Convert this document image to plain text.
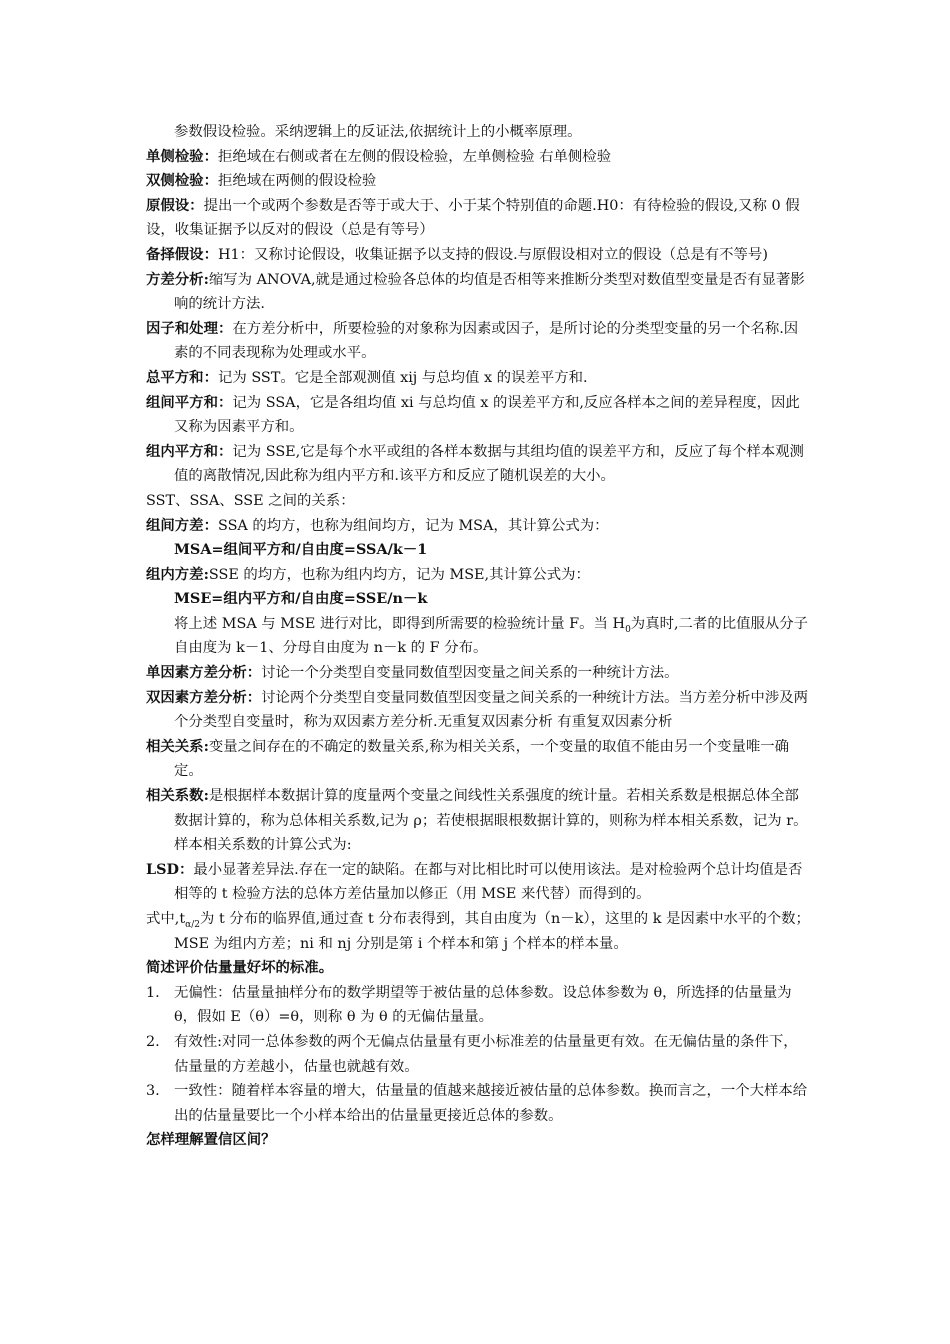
参数假设检验。采纳逻辑上的反证法,依据统计上的小概率原理。

单侧检验：拒绝域在右侧或者在左侧的假设检验，左单侧检验 右单侧检验

双侧检验：拒绝域在两侧的假设检验

原假设：提出一个或两个参数是否等于或大于、小于某个特别值的命题.H0：有待检验的假设,又称 0 假设，收集证据予以反对的假设（总是有等号）

备择假设：H1：又称讨论假设，收集证据予以支持的假设.与原假设相对立的假设（总是有不等号)

方差分析:缩写为 ANOVA,就是通过检验各总体的均值是否相等来推断分类型对数值型变量是否有显著影响的统计方法.

因子和处理：在方差分析中，所要检验的对象称为因素或因子，是所讨论的分类型变量的另一个名称.因素的不同表现称为处理或水平。

总平方和：记为 SST。它是全部观测值 xij 与总均值 x 的误差平方和.

组间平方和：记为 SSA，它是各组均值 xi 与总均值 x 的误差平方和,反应各样本之间的差异程度，因此又称为因素平方和。

组内平方和：记为 SSE,它是每个水平或组的各样本数据与其组均值的误差平方和，反应了每个样本观测值的离散情况,因此称为组内平方和.该平方和反应了随机误差的大小。

SST、SSA、SSE 之间的关系：

组间方差：SSA 的均方，也称为组间均方，记为 MSA，其计算公式为：

MSA=组间平方和/自由度=SSA/k－1

组内方差:SSE 的均方，也称为组内均方，记为 MSE,其计算公式为：

MSE=组内平方和/自由度=SSE/n－k

将上述 MSA 与 MSE 进行对比，即得到所需要的检验统计量 F。当 $H_0$为真时,二者的比值服从分子自由度为 k－1、分母自由度为 n－k 的 F 分布。

单因素方差分析：讨论一个分类型自变量同数值型因变量之间关系的一种统计方法。

双因素方差分析：讨论两个分类型自变量同数值型因变量之间关系的一种统计方法。当方差分析中涉及两个分类型自变量时，称为双因素方差分析.无重复双因素分析 有重复双因素分析

相关关系:变量之间存在的不确定的数量关系,称为相关关系，一个变量的取值不能由另一个变量唯一确定。

相关系数:是根据样本数据计算的度量两个变量之间线性关系强度的统计量。若相关系数是根据总体全部数据计算的，称为总体相关系数,记为 ρ；若使根据眼根数据计算的，则称为样本相关系数，记为 r。样本相关系数的计算公式为:

LSD：最小显著差异法.存在一定的缺陷。在都与对比相比时可以使用该法。是对检验两个总计均值是否相等的 t 检验方法的总体方差估量加以修正（用 MSE 来代替）而得到的。

式中$,t_{\alpha/2}$为 t 分布的临界值,通过查 t 分布表得到，其自由度为（n－k），这里的 k 是因素中水平的个数；MSE 为组内方差；ni 和 nj 分别是第 i 个样本和第 j 个样本的样本量。

简述评价估量量好坏的标准。

1. 无偏性：估量量抽样分布的数学期望等于被估量的总体参数。设总体参数为 θ，所选择的估量量为 θ，假如 E（θ）=θ，则称 θ 为 θ 的无偏估量量。

2. 有效性:对同一总体参数的两个无偏点估量量有更小标准差的估量量更有效。在无偏估量的条件下，估量量的方差越小，估量也就越有效。

3. 一致性：随着样本容量的增大，估量量的值越来越接近被估量的总体参数。换而言之，一个大样本给出的估量量要比一个小样本给出的估量量更接近总体的参数。

怎样理解置信区间？
